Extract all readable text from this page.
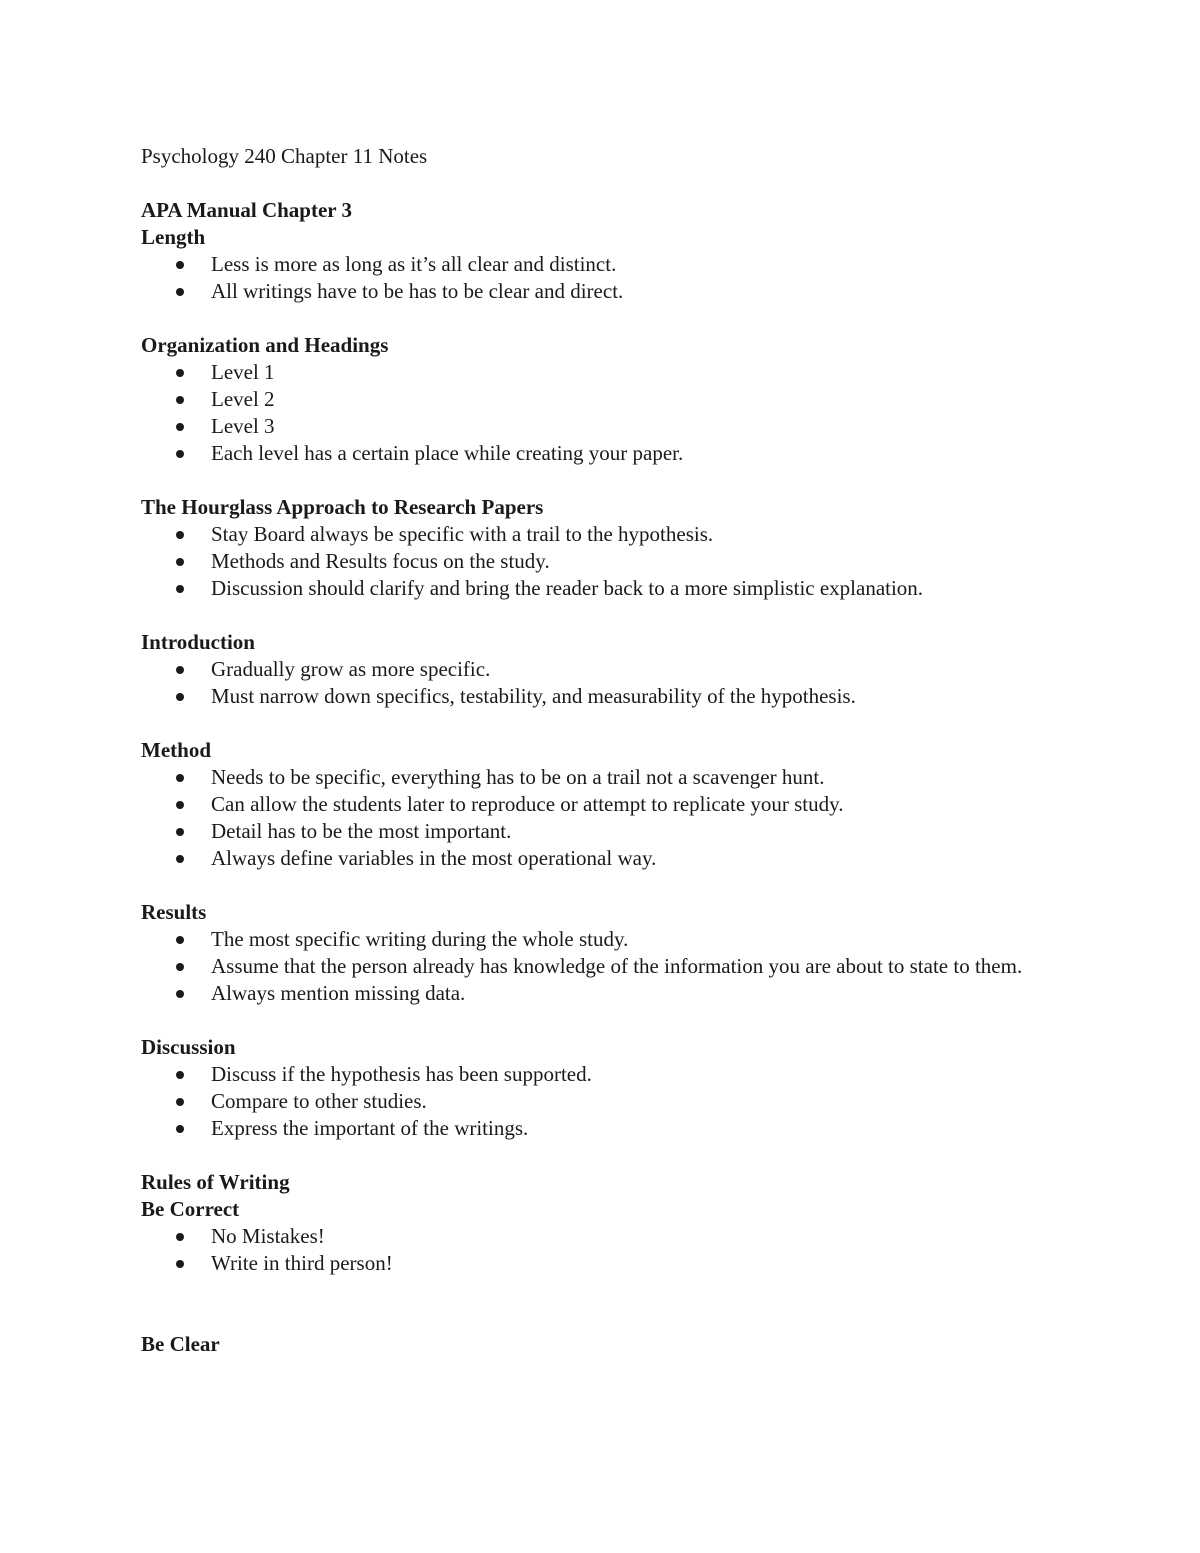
Psychology 240 Chapter 11 Notes

APA Manual Chapter 3

Length

Less is more as long as it’s all clear and distinct.
All writings have to be has to be clear and direct.

Organization and Headings

Level 1
Level 2
Level 3
Each level has a certain place while creating your paper.

The Hourglass Approach to Research Papers

Stay Board always be specific with a trail to the hypothesis.
Methods and Results focus on the study.
Discussion should clarify and bring the reader back to a more simplistic explanation.

Introduction

Gradually grow as more specific.
Must narrow down specifics, testability, and measurability of the hypothesis.

Method

Needs to be specific, everything has to be on a trail not a scavenger hunt.
Can allow the students later to reproduce or attempt to replicate your study.
Detail has to be the most important.
Always define variables in the most operational way.

Results

The most specific writing during the whole study.
Assume that the person already has knowledge of the information you are about to state to them.
Always mention missing data.

Discussion

Discuss if the hypothesis has been supported.
Compare to other studies.
Express the important of the writings.

Rules of Writing

Be Correct

No Mistakes!
Write in third person!

Be Clear
